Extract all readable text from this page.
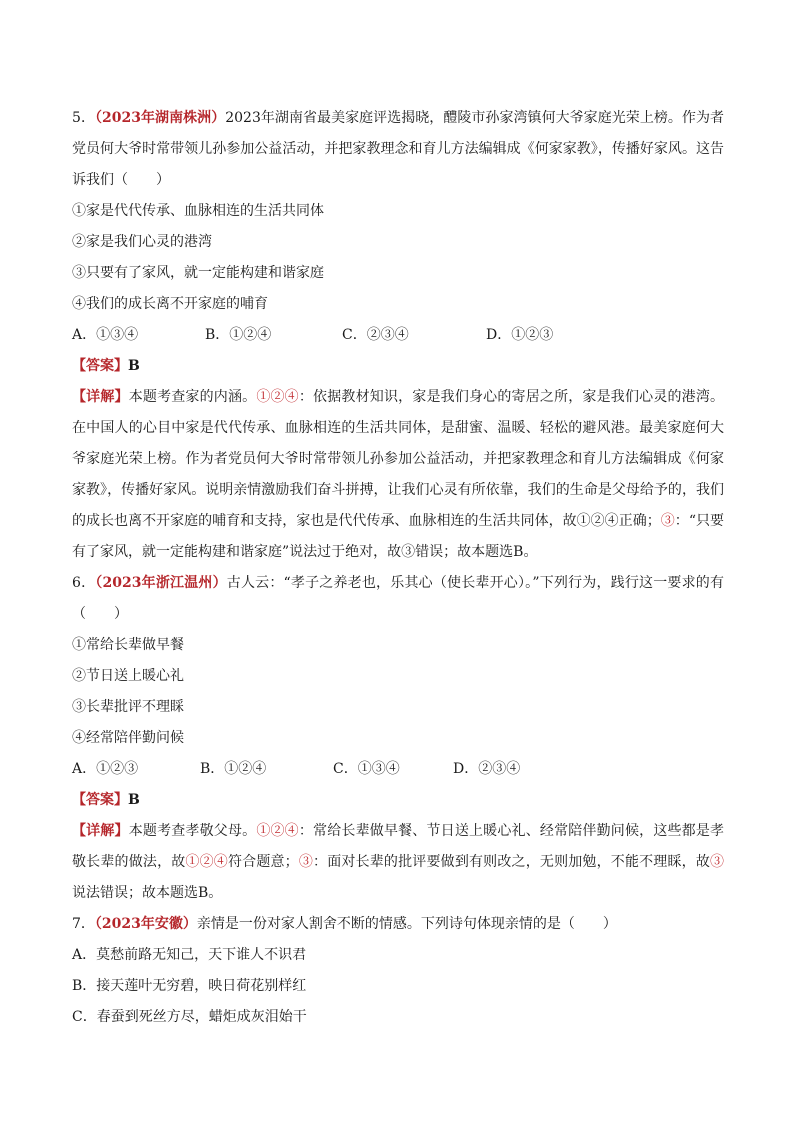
5．（2023年湖南株洲）2023年湖南省最美家庭评选揭晓，醴陵市孙家湾镇何大爷家庭光荣上榜。作为者党员何大爷时常带领儿孙参加公益活动，并把家教理念和育儿方法编辑成《何家家教》，传播好家风。这告诉我们（　　）

①家是代代传承、血脉相连的生活共同体

②家是我们心灵的港湾

③只要有了家风，就一定能构建和谐家庭

④我们的成长离不开家庭的哺育

A．①③④	B．①②④	C．②③④	D．①②③

【答案】B

【详解】本题考查家的内涵。①②④：依据教材知识，家是我们身心的寄居之所，家是我们心灵的港湾。在中国人的心目中家是代代传承、血脉相连的生活共同体，是甜蜜、温暖、轻松的避风港。最美家庭何大爷家庭光荣上榜。作为者党员何大爷时常带领儿孙参加公益活动，并把家教理念和育儿方法编辑成《何家家教》，传播好家风。说明亲情激励我们奋斗拼搏，让我们心灵有所依靠，我们的生命是父母给予的，我们的成长也离不开家庭的哺育和支持，家也是代代传承、血脉相连的生活共同体，故①②④正确；③：“只要有了家风，就一定能构建和谐家庭”说法过于绝对，故③错误；故本题选B。

6．（2023年浙江温州）古人云：“孝子之养老也，乐其心（使长辈开心）。”下列行为，践行这一要求的有（　　）

①常给长辈做早餐

②节日送上暖心礼

③长辈批评不理睬

④经常陪伴勤问候

A．①②③	B．①②④	C．①③④	D．②③④

【答案】B

【详解】本题考查孝敬父母。①②④：常给长辈做早餐、节日送上暖心礼、经常陪伴勤问候，这些都是孝敬长辈的做法，故①②④符合题意；③：面对长辈的批评要做到有则改之，无则加勉，不能不理睬，故③说法错误；故本题选B。

7．（2023年安徽）亲情是一份对家人割舍不断的情感。下列诗句体现亲情的是（　　）

A．莫愁前路无知己，天下谁人不识君

B．接天莲叶无穷碧，映日荷花别样红

C．春蚕到死丝方尽，蜡炬成灰泪始干
